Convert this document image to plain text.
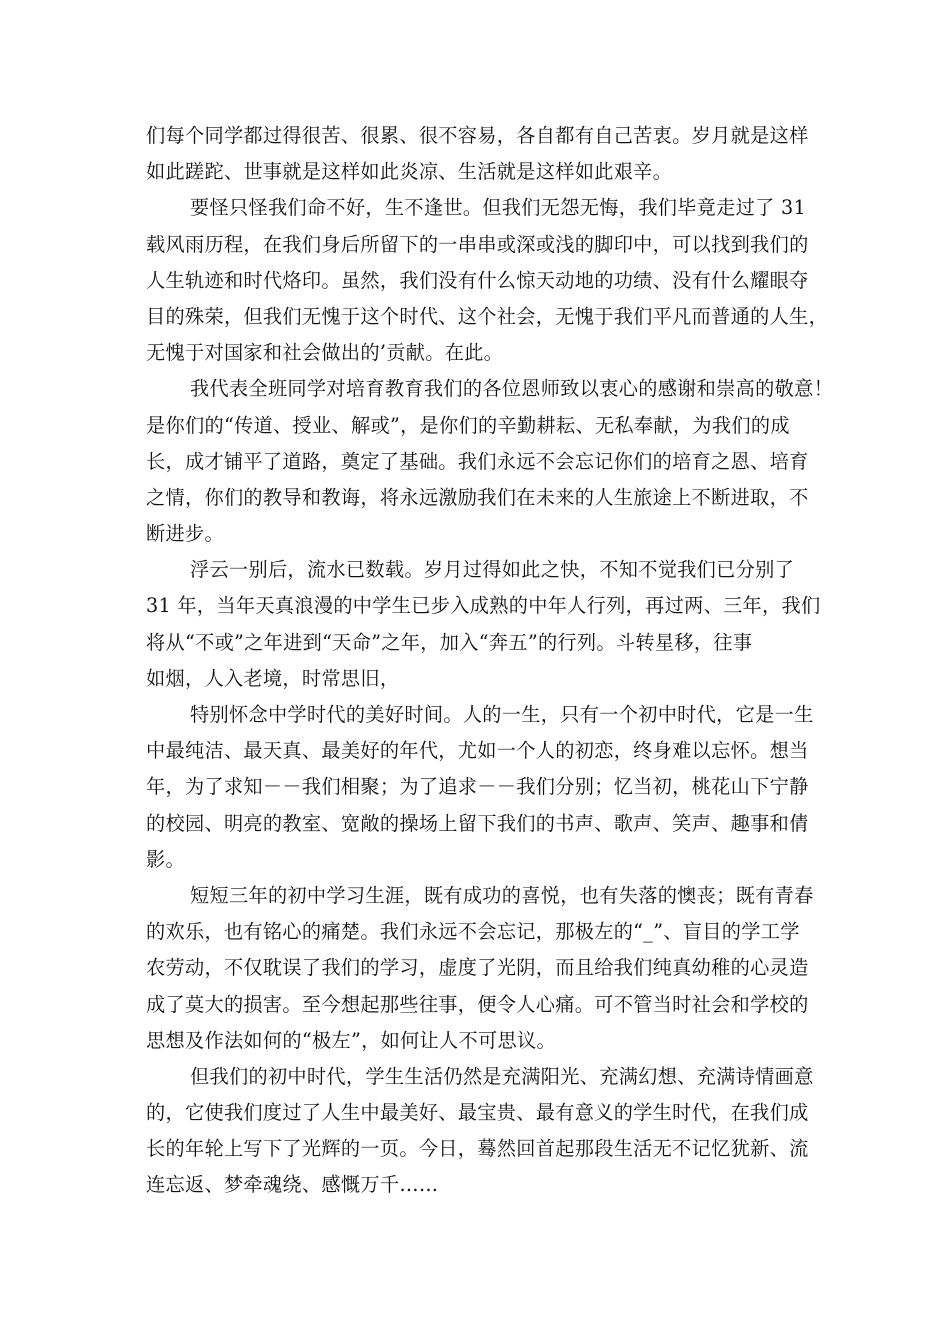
们每个同学都过得很苦、很累、很不容易，各自都有自己苦衷。岁月就是这样
如此蹉跎、世事就是这样如此炎凉、生活就是这样如此艰辛。
要怪只怪我们命不好，生不逢世。但我们无怨无悔，我们毕竟走过了 31
载风雨历程，在我们身后所留下的一串串或深或浅的脚印中，可以找到我们的
人生轨迹和时代烙印。虽然，我们没有什么惊天动地的功绩、没有什么耀眼夺
目的殊荣，但我们无愧于这个时代、这个社会，无愧于我们平凡而普通的人生，
无愧于对国家和社会做出的’贡献。在此。
我代表全班同学对培育教育我们的各位恩师致以衷心的感谢和崇高的敬意！
是你们的“传道、授业、解或”，是你们的辛勤耕耘、无私奉献，为我们的成
长，成才铺平了道路，奠定了基础。我们永远不会忘记你们的培育之恩、培育
之情，你们的教导和教诲，将永远激励我们在未来的人生旅途上不断进取，不
断进步。
浮云一别后，流水已数载。岁月过得如此之快，不知不觉我们已分别了
31 年，当年天真浪漫的中学生已步入成熟的中年人行列，再过两、三年，我们
将从“不或”之年进到“天命”之年，加入“奔五”的行列。斗转星移，往事
如烟，人入老境，时常思旧，
特别怀念中学时代的美好时间。人的一生，只有一个初中时代，它是一生
中最纯洁、最天真、最美好的年代，尤如一个人的初恋，终身难以忘怀。想当
年，为了求知－－我们相聚；为了追求－－我们分别；忆当初，桃花山下宁静
的校园、明亮的教室、宽敞的操场上留下我们的书声、歌声、笑声、趣事和倩
影。
短短三年的初中学习生涯，既有成功的喜悦，也有失落的懊丧；既有青春
的欢乐，也有铭心的痛楚。我们永远不会忘记，那极左的“_”、盲目的学工学
农劳动，不仅耽误了我们的学习，虚度了光阴，而且给我们纯真幼稚的心灵造
成了莫大的损害。至今想起那些往事，便令人心痛。可不管当时社会和学校的
思想及作法如何的“极左”，如何让人不可思议。
但我们的初中时代，学生生活仍然是充满阳光、充满幻想、充满诗情画意
的，它使我们度过了人生中最美好、最宝贵、最有意义的学生时代，在我们成
长的年轮上写下了光辉的一页。今日，蓦然回首起那段生活无不记忆犹新、流
连忘返、梦牵魂绕、感慨万千……
